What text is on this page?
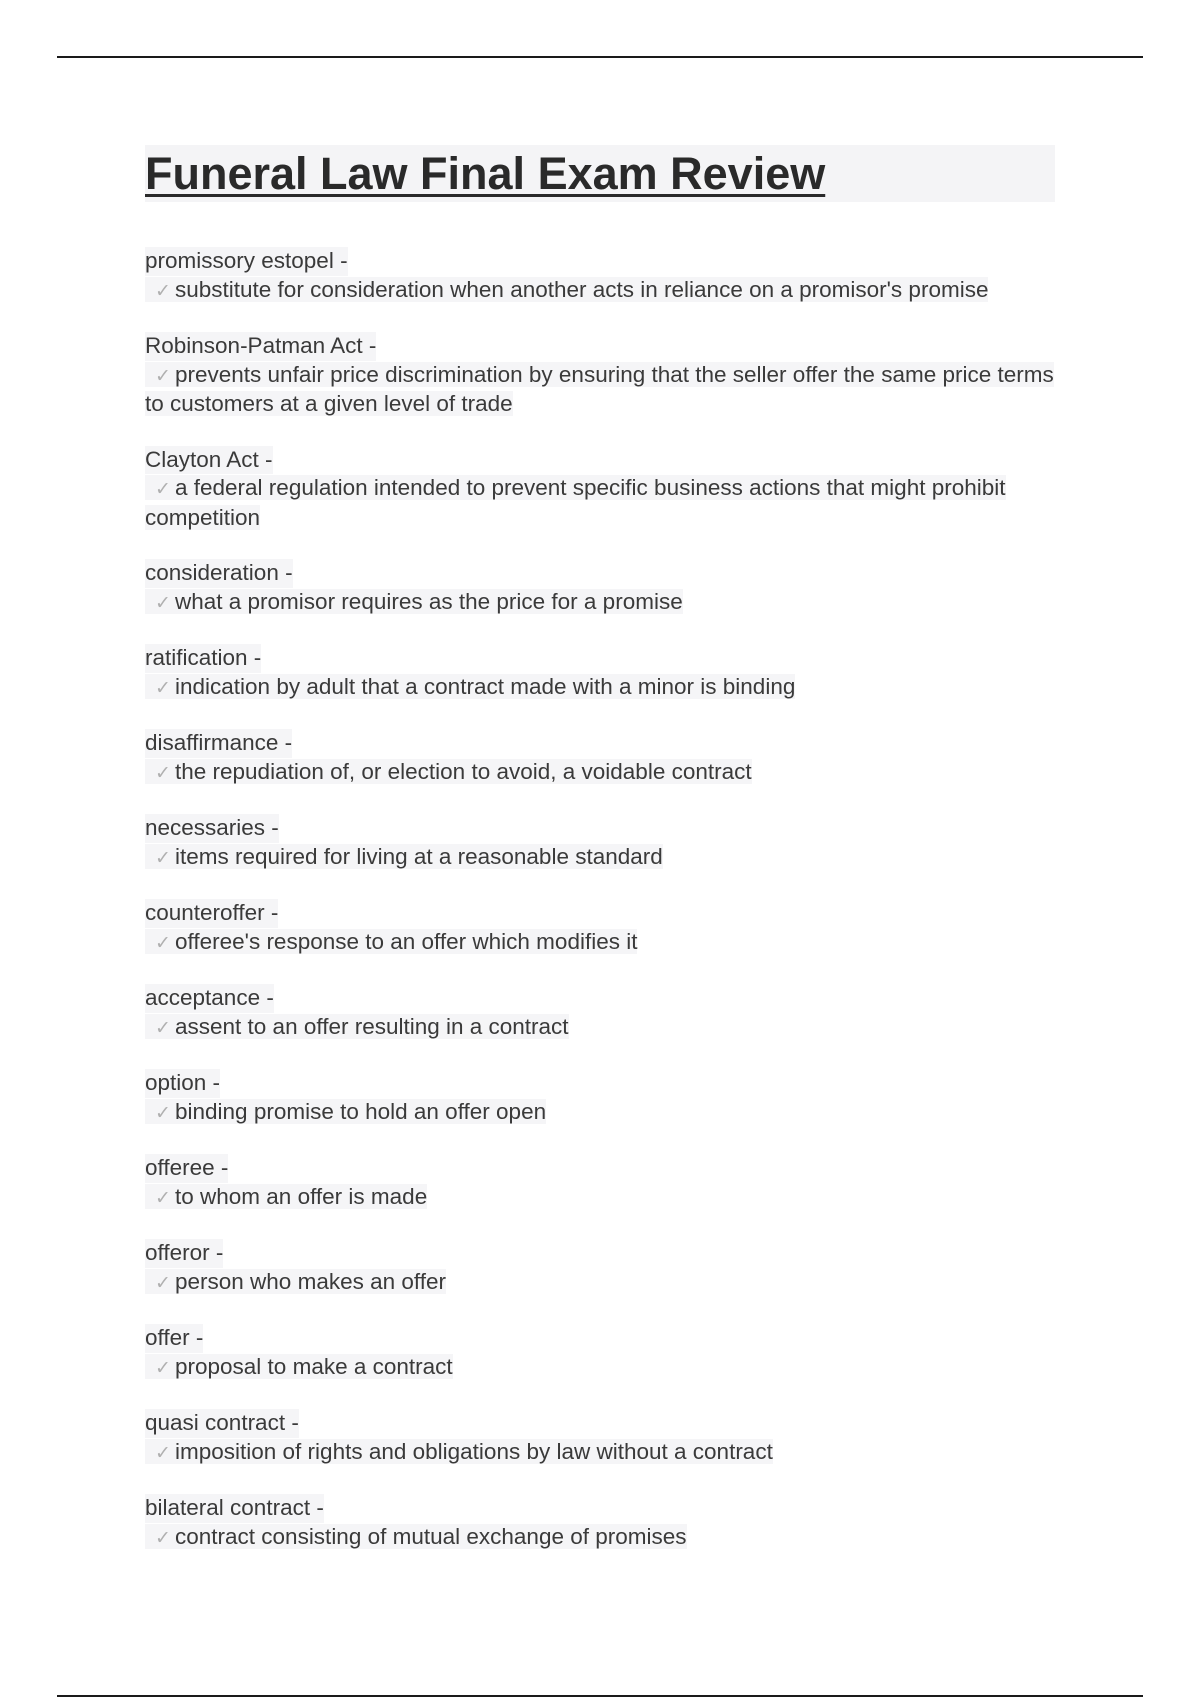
Funeral Law Final Exam Review
promissory estopel -
✓ substitute for consideration when another acts in reliance on a promisor's promise
Robinson-Patman Act -
✓ prevents unfair price discrimination by ensuring that the seller offer the same price terms to customers at a given level of trade
Clayton Act -
✓ a federal regulation intended to prevent specific business actions that might prohibit competition
consideration -
✓ what a promisor requires as the price for a promise
ratification -
✓ indication by adult that a contract made with a minor is binding
disaffirmance -
✓ the repudiation of, or election to avoid, a voidable contract
necessaries -
✓ items required for living at a reasonable standard
counteroffer -
✓ offeree's response to an offer which modifies it
acceptance -
✓ assent to an offer resulting in a contract
option -
✓ binding promise to hold an offer open
offeree -
✓ to whom an offer is made
offeror -
✓ person who makes an offer
offer -
✓ proposal to make a contract
quasi contract -
✓ imposition of rights and obligations by law without a contract
bilateral contract -
✓ contract consisting of mutual exchange of promises
